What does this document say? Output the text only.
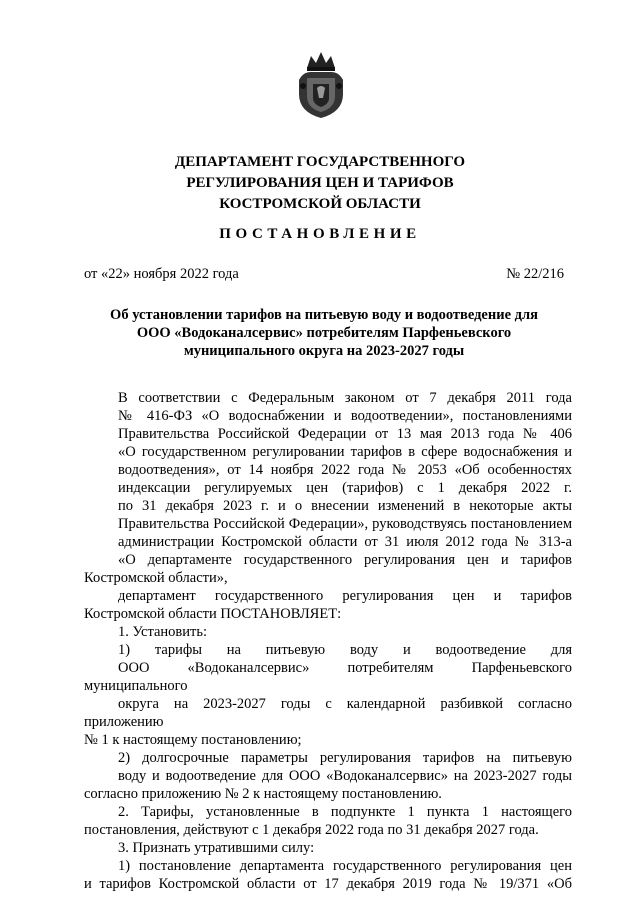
ДЕПАРТАМЕНТ ГОСУДАРСТВЕННОГО
РЕГУЛИРОВАНИЯ ЦЕН И ТАРИФОВ
КОСТРОМСКОЙ ОБЛАСТИ
ПОСТАНОВЛЕНИЕ
от «22» ноября 2022 года	№ 22/216
Об установлении тарифов на питьевую воду и водоотведение для
ООО «Водоканалсервис» потребителям Парфеньевского
муниципального округа на 2023-2027 годы

В соответствии с Федеральным законом от 7 декабря 2011 года
№ 416-ФЗ «О водоснабжении и водоотведении», постановлениями
Правительства Российской Федерации от 13 мая 2013 года № 406
«О государственном регулировании тарифов в сфере водоснабжения и
водоотведения», от 14 ноября 2022 года № 2053 «Об особенностях
индексации регулируемых цен (тарифов) с 1 декабря 2022 г.
по 31 декабря 2023 г. и о внесении изменений в некоторые акты
Правительства Российской Федерации», руководствуясь постановлением
администрации Костромской области от 31 июля 2012 года № 313-а
«О департаменте государственного регулирования цен и тарифов

Костромской области»,

департамент государственного регулирования цен и тарифов

Костромской области ПОСТАНОВЛЯЕТ:

1. Установить:

1) тарифы на питьевую воду и водоотведение для
ООО «Водоканалсервис» потребителям Парфеньевского муниципального
округа на 2023-2027 годы с календарной разбивкой согласно приложению

№ 1 к настоящему постановлению;

2) долгосрочные параметры регулирования тарифов на питьевую
воду и водоотведение для ООО «Водоканалсервис» на 2023-2027 годы

согласно приложению № 2 к настоящему постановлению.

2. Тарифы, установленные в подпункте 1 пункта 1 настоящего

постановления, действуют с 1 декабря 2022 года по 31 декабря 2027 года.

3. Признать утратившими силу:

1) постановление департамента государственного регулирования цен

и тарифов Костромской области от 17 декабря 2019 года № 19/371 «Об
